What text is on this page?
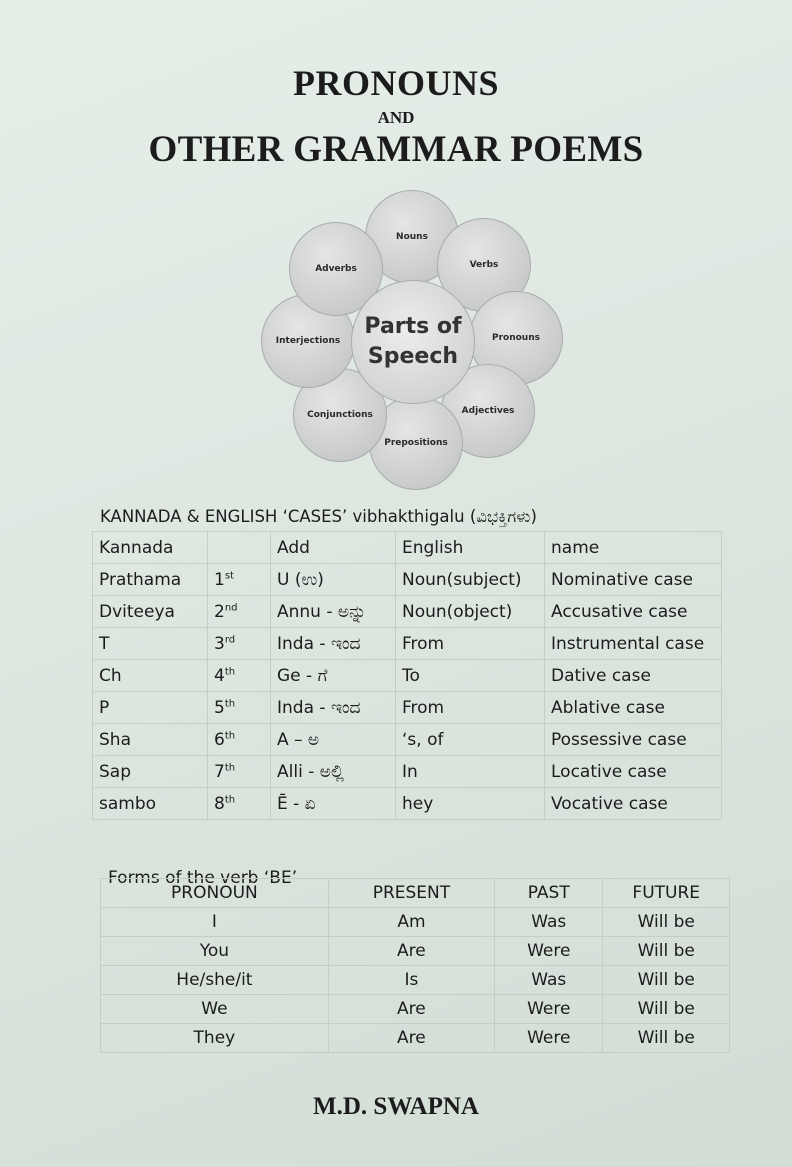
PRONOUNS
AND
OTHER GRAMMAR POEMS
Nouns
Verbs
Pronouns
Adjectives
Prepositions
Conjunctions
Interjections
Adverbs
Parts of
Speech
KANNADA & ENGLISH ‘CASES’ vibhakthigalu (ವಿಭಕ್ತಿಗಳು)
Kannada		Add	English	name
Prathama	1st	U (ಉ)	Noun(subject)	Nominative case
Dviteeya	2nd	Annu - ಅನ್ನು	Noun(object)	Accusative case
T	3rd	Inda - ಇಂದ	From	Instrumental case
Ch	4th	Ge - ಗೆ	To	Dative case
P	5th	Inda - ಇಂದ	From	Ablative case
Sha	6th	A – ಅ	‘s, of	Possessive case
Sap	7th	Alli - ಅಲ್ಲಿ	In	Locative case
sambo	8th	Ē - ಏ	hey	Vocative case
Forms of the verb ‘BE’
PRONOUN	PRESENT	PAST	FUTURE
I	Am	Was	Will be
You	Are	Were	Will be
He/she/it	Is	Was	Will be
We	Are	Were	Will be
They	Are	Were	Will be
M.D. SWAPNA
